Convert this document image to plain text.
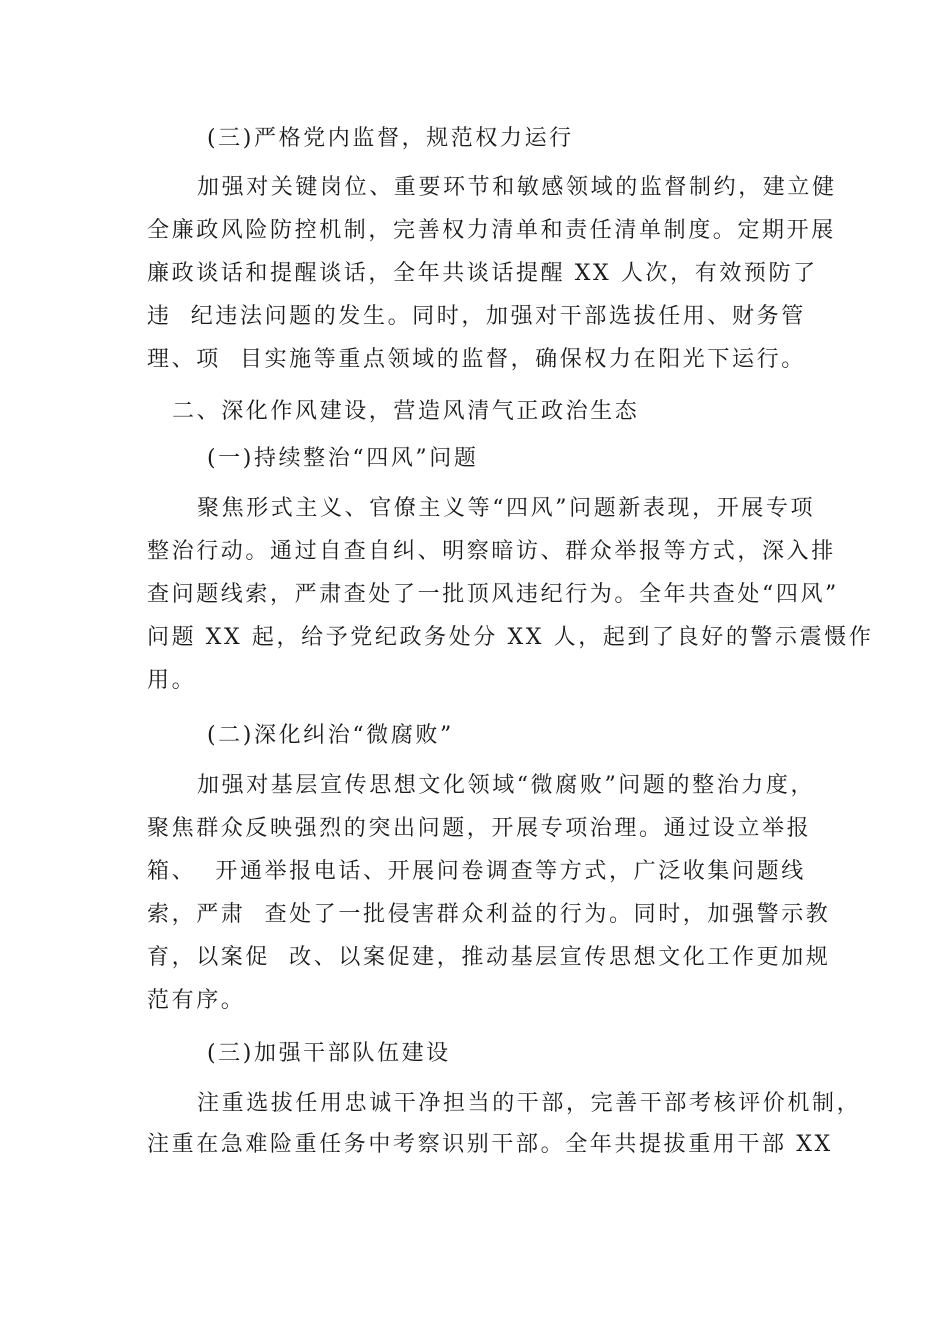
(三)严格党内监督，规范权力运行
加强对关键岗位、重要环节和敏感领域的监督制约，建立健
全廉政风险防控机制，完善权力清单和责任清单制度。定期开展
廉政谈话和提醒谈话，全年共谈话提醒 XX 人次，有效预防了
违  纪违法问题的发生。同时，加强对干部选拔任用、财务管
理、项  目实施等重点领域的监督，确保权力在阳光下运行。
二、深化作风建设，营造风清气正政治生态
(一)持续整治“四风”问题
聚焦形式主义、官僚主义等“四风”问题新表现，开展专项
整治行动。通过自查自纠、明察暗访、群众举报等方式，深入排
查问题线索，严肃查处了一批顶风违纪行为。全年共查处“四风”
问题 XX 起，给予党纪政务处分 XX 人，起到了良好的警示震慑作
用。
(二)深化纠治“微腐败”
加强对基层宣传思想文化领域“微腐败”问题的整治力度，
聚焦群众反映强烈的突出问题，开展专项治理。通过设立举报
箱、  开通举报电话、开展问卷调查等方式，广泛收集问题线
索，严肃  查处了一批侵害群众利益的行为。同时，加强警示教
育，以案促  改、以案促建，推动基层宣传思想文化工作更加规
范有序。
(三)加强干部队伍建设
注重选拔任用忠诚干净担当的干部，完善干部考核评价机制，
注重在急难险重任务中考察识别干部。全年共提拔重用干部 XX
